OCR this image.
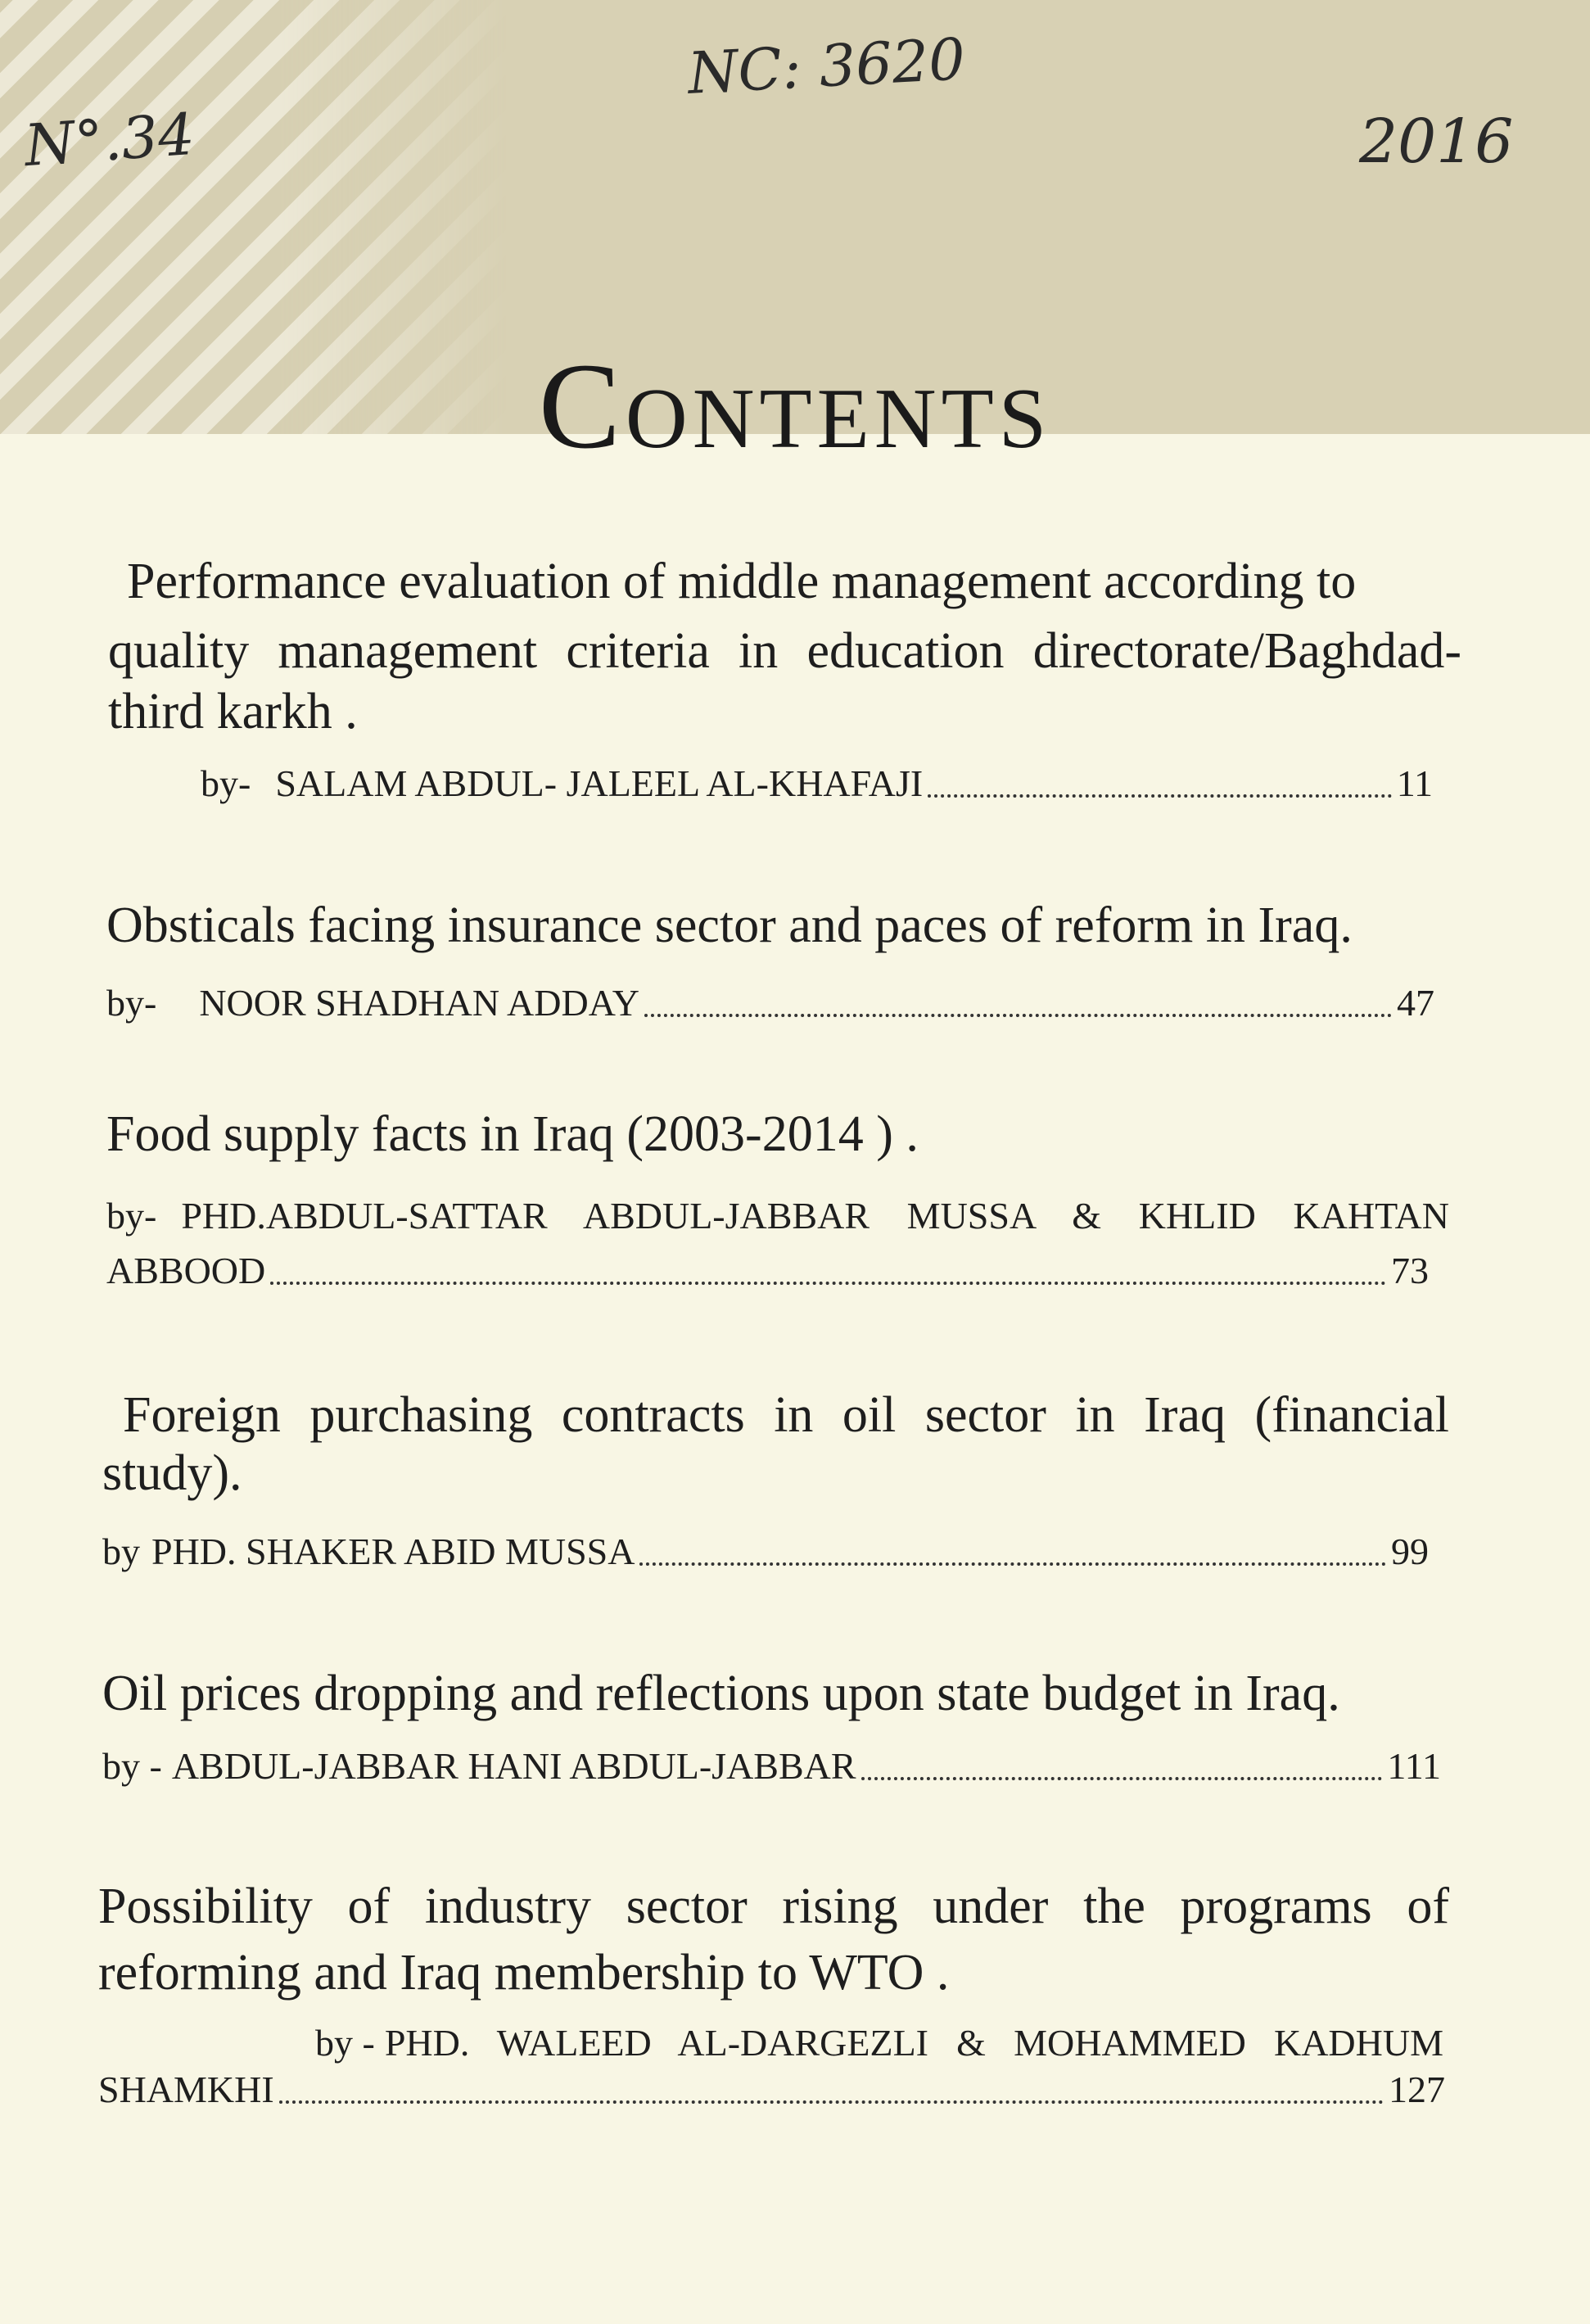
N°.34
NC: 3620
2016
Contents

Performance evaluation of middle management according to

quality management criteria in education directorate/Baghdad-

third karkh .

by- SALAM ABDUL- JALEEL AL-KHAFAJI	11

Obsticals facing insurance sector and paces of reform in Iraq.

by- NOOR SHADHAN ADDAY	47

Food supply facts in Iraq (2003-2014 ) .

by- PHD.ABDUL-SATTAR ABDUL-JABBAR MUSSA & KHLID KAHTAN
ABBOOD	73

Foreign purchasing contracts in oil sector in Iraq (financial

study).

by PHD. SHAKER ABID MUSSA	99

Oil prices dropping and reflections upon state budget in Iraq.

by - ABDUL-JABBAR HANI ABDUL-JABBAR	111

Possibility of industry sector rising under the programs of

reforming and Iraq membership to WTO .

by - PHD. WALEED AL-DARGEZLI & MOHAMMED KADHUM
SHAMKHI	127
